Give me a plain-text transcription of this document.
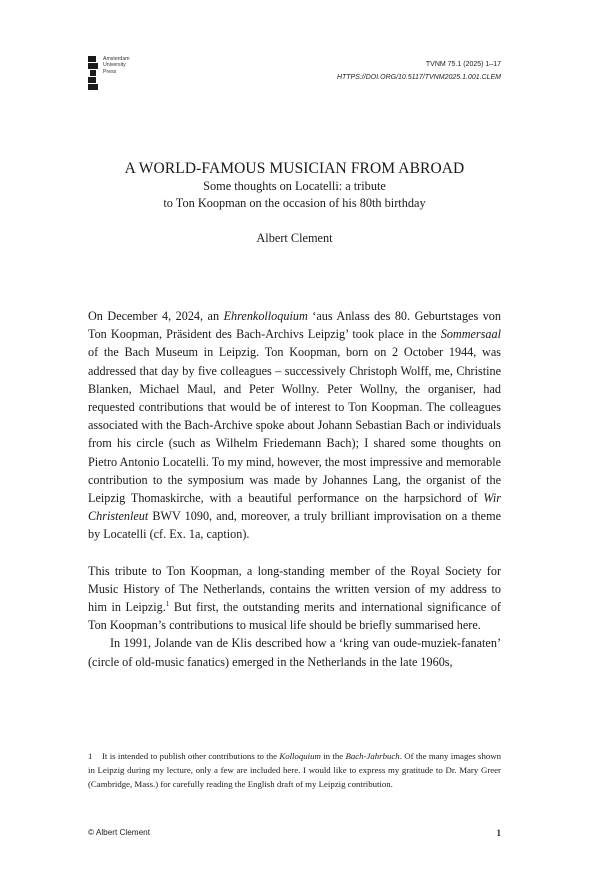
Amsterdam
University
Press
TVNM 75.1 (2025) 1–17
HTTPS://DOI.ORG/10.5117/TVNM2025.1.001.CLEM
A WORLD-FAMOUS MUSICIAN FROM ABROAD
Some thoughts on Locatelli: a tribute
to Ton Koopman on the occasion of his 80th birthday
Albert Clement

On December 4, 2024, an Ehrenkolloquium ‘aus Anlass des 80. Geburtstages von Ton Koopman, Präsident des Bach-Archivs Leipzig’ took place in the Sommersaal of the Bach Museum in Leipzig. Ton Koopman, born on 2 October 1944, was addressed that day by five colleagues – successively Christoph Wolff, me, Christine Blanken, Michael Maul, and Peter Wollny. Peter Wollny, the organiser, had requested contributions that would be of interest to Ton Koopman. The colleagues associated with the Bach-Archive spoke about Johann Sebastian Bach or individuals from his circle (such as Wilhelm Friedemann Bach); I shared some thoughts on Pietro Antonio Locatelli. To my mind, however, the most impressive and memorable contribution to the symposium was made by Johannes Lang, the organist of the Leipzig Thomaskirche, with a beautiful performance on the harpsichord of Wir Christenleut BWV 1090, and, moreover, a truly brilliant improvisation on a theme by Locatelli (cf. Ex. 1a, caption).

This tribute to Ton Koopman, a long-standing member of the Royal Society for Music History of The Netherlands, contains the written version of my address to him in Leipzig.$^1$ But first, the outstanding merits and international significance of Ton Koopman’s contributions to musical life should be briefly summarised here.

In 1991, Jolande van de Klis described how a ‘kring van oude-muziek-fanaten’ (circle of old-music fanatics) emerged in the Netherlands in the late 1960s,

1 It is intended to publish other contributions to the Kolloquium in the Bach-Jahrbuch. Of the many images shown in Leipzig during my lecture, only a few are included here. I would like to express my gratitude to Dr. Mary Greer (Cambridge, Mass.) for carefully reading the English draft of my Leipzig contribution.
© Albert Clement	1
